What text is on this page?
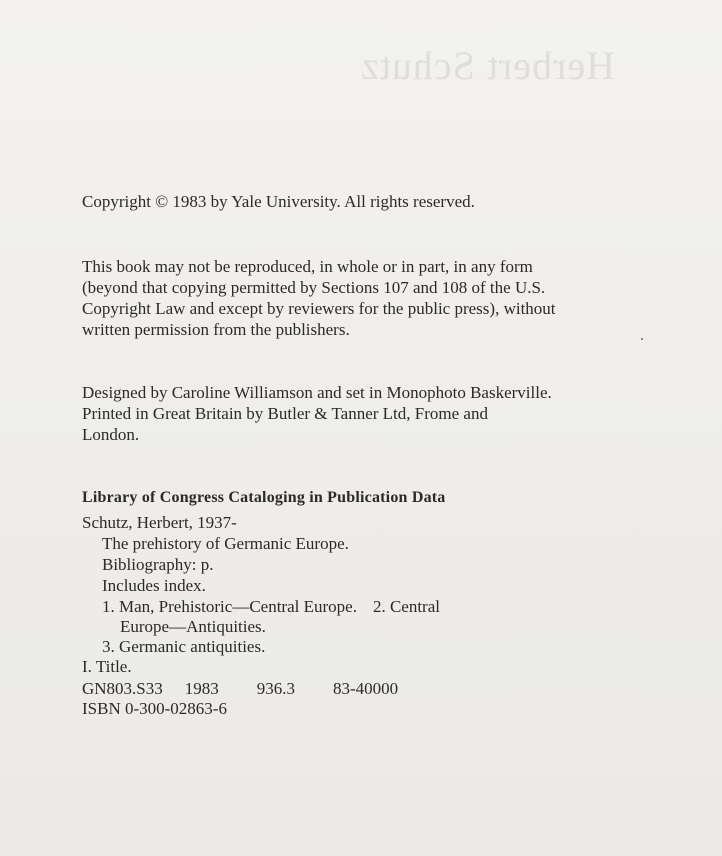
Herbert Schutz
Copyright © 1983 by Yale University. All rights reserved.
This book may not be reproduced, in whole or in part, in any form
(beyond that copying permitted by Sections 107 and 108 of the U.S.
Copyright Law and except by reviewers for the public press), without
written permission from the publishers.
Designed by Caroline Williamson and set in Monophoto Baskerville.
Printed in Great Britain by Butler & Tanner Ltd, Frome and
London.
Library of Congress Cataloging in Publication Data
Schutz, Herbert, 1937-
The prehistory of Germanic Europe.
Bibliography: p.
Includes index.
1. Man, Prehistoric—Central Europe. 2. Central
Europe—Antiquities.
3. Germanic antiquities.
I. Title.
GN803.S33 1983 936.3 83-40000
ISBN 0-300-02863-6
